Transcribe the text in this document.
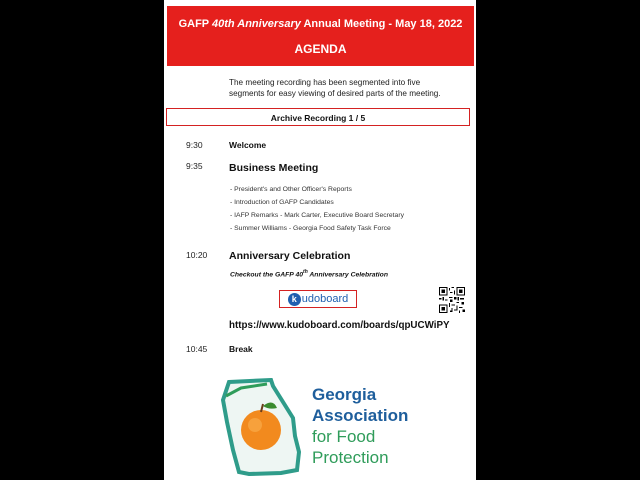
GAFP 40th Anniversary Annual Meeting - May 18, 2022
AGENDA
The meeting recording has been segmented into five
segments for easy viewing of desired parts of the meeting.
Archive Recording 1 / 5
9:30	Welcome
9:35	Business Meeting
- President's and Other Officer's Reports
- Introduction of GAFP Candidates
- IAFP Remarks - Mark Carter, Executive Board Secretary
- Summer Williams - Georgia Food Safety Task Force
10:20 Anniversary Celebration
Checkout the GAFP 40th Anniversary Celebration
k udoboard
https://www.kudoboard.com/boards/qpUCWiPY
10:45	Break
Georgia
Association
for Food
Protection
